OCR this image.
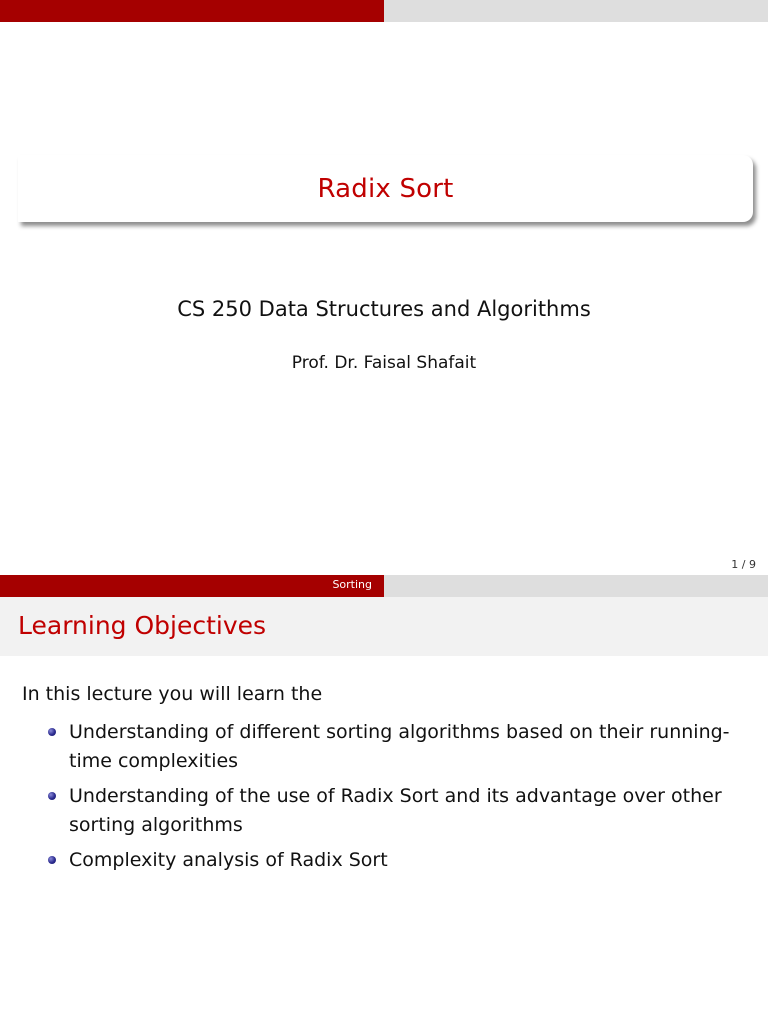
Radix Sort
CS 250 Data Structures and Algorithms
Prof. Dr. Faisal Shafait
1 / 9
Sorting
Learning Objectives
In this lecture you will learn the
Understanding of different sorting algorithms based on their running-time complexities
Understanding of the use of Radix Sort and its advantage over other sorting algorithms
Complexity analysis of Radix Sort
